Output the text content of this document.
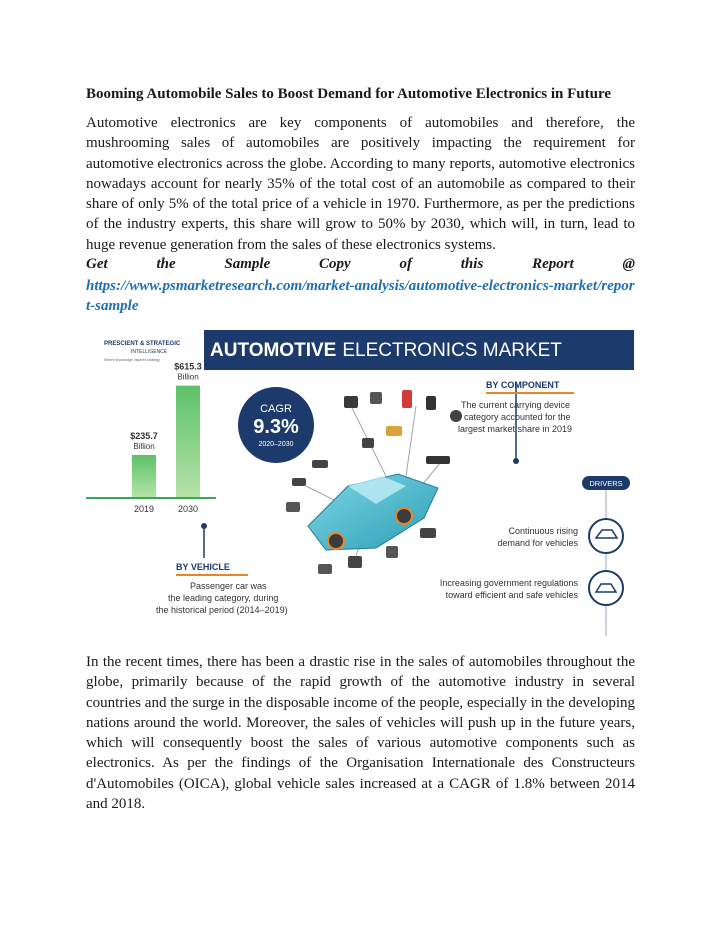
Booming Automobile Sales to Boost Demand for Automotive Electronics in Future
Automotive electronics are key components of automobiles and therefore, the mushrooming sales of automobiles are positively impacting the requirement for automotive electronics across the globe. According to many reports, automotive electronics nowadays account for nearly 35% of the total cost of an automobile as compared to their share of only 5% of the total price of a vehicle in 1970. Furthermore, as per the predictions of the industry experts, this share will grow to 50% by 2030, which will, in turn, lead to huge revenue generation from the sales of these electronics systems.
Get	the	Sample	Copy	of	this	Report	@
https://www.psmarketresearch.com/market-analysis/automotive-electronics-market/report-sample
PRESCIENT & STRATEGIC
INTELLIGENCE
Where knowledge inspires strategy	AUTOMOTIVE ELECTRONICS MARKET
$235.7
Billion
2019
$615.3
Billion
2030
CAGR
9.3%
2020–2030
BY COMPONENT
The current carrying device
category accounted for the
largest market share in 2019
DRIVERS
Continuous rising
demand for vehicles
Increasing government regulations
toward efficient and safe vehicles
BY VEHICLE
Passenger car was
the leading category, during
the historical period (2014–2019)
In the recent times, there has been a drastic rise in the sales of automobiles throughout the globe, primarily because of the rapid growth of the automotive industry in several countries and the surge in the disposable income of the people, especially in the developing nations around the world. Moreover, the sales of vehicles will push up in the future years, which will consequently boost the sales of various automotive components such as electronics. As per the findings of the Organisation Internationale des Constructeurs d'Automobiles (OICA), global vehicle sales increased at a CAGR of 1.8% between 2014 and 2018.
